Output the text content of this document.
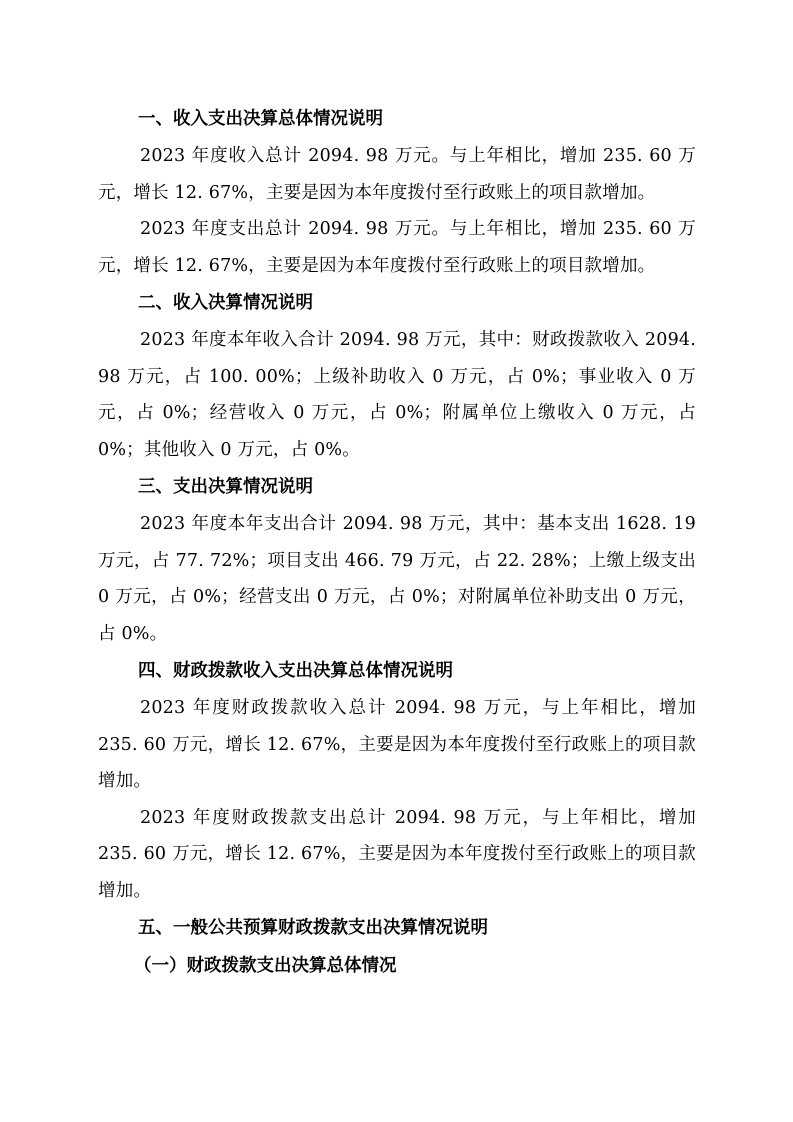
一、收入支出决算总体情况说明

2023 年度收入总计 2094. 98 万元。与上年相比，增加 235. 60 万元，增长 12. 67%，主要是因为本年度拨付至行政账上的项目款增加。

2023 年度支出总计 2094. 98 万元。与上年相比，增加 235. 60 万元，增长 12. 67%，主要是因为本年度拨付至行政账上的项目款增加。

二、收入决算情况说明

2023 年度本年收入合计 2094. 98 万元，其中：财政拨款收入 2094. 98 万元，占 100. 00%；上级补助收入 0 万元，占 0%；事业收入 0 万元，占 0%；经营收入 0 万元，占 0%；附属单位上缴收入 0 万元，占 0%；其他收入 0 万元，占 0%。

三、支出决算情况说明

2023 年度本年支出合计 2094. 98 万元，其中：基本支出 1628. 19 万元，占 77. 72%；项目支出 466. 79 万元，占 22. 28%；上缴上级支出 0 万元，占 0%；经营支出 0 万元，占 0%；对附属单位补助支出 0 万元，占 0%。

四、财政拨款收入支出决算总体情况说明

2023 年度财政拨款收入总计 2094. 98 万元，与上年相比，增加 235. 60 万元，增长 12. 67%，主要是因为本年度拨付至行政账上的项目款增加。

2023 年度财政拨款支出总计 2094. 98 万元，与上年相比，增加 235. 60 万元，增长 12. 67%，主要是因为本年度拨付至行政账上的项目款增加。

五、一般公共预算财政拨款支出决算情况说明
（一）财政拨款支出决算总体情况
